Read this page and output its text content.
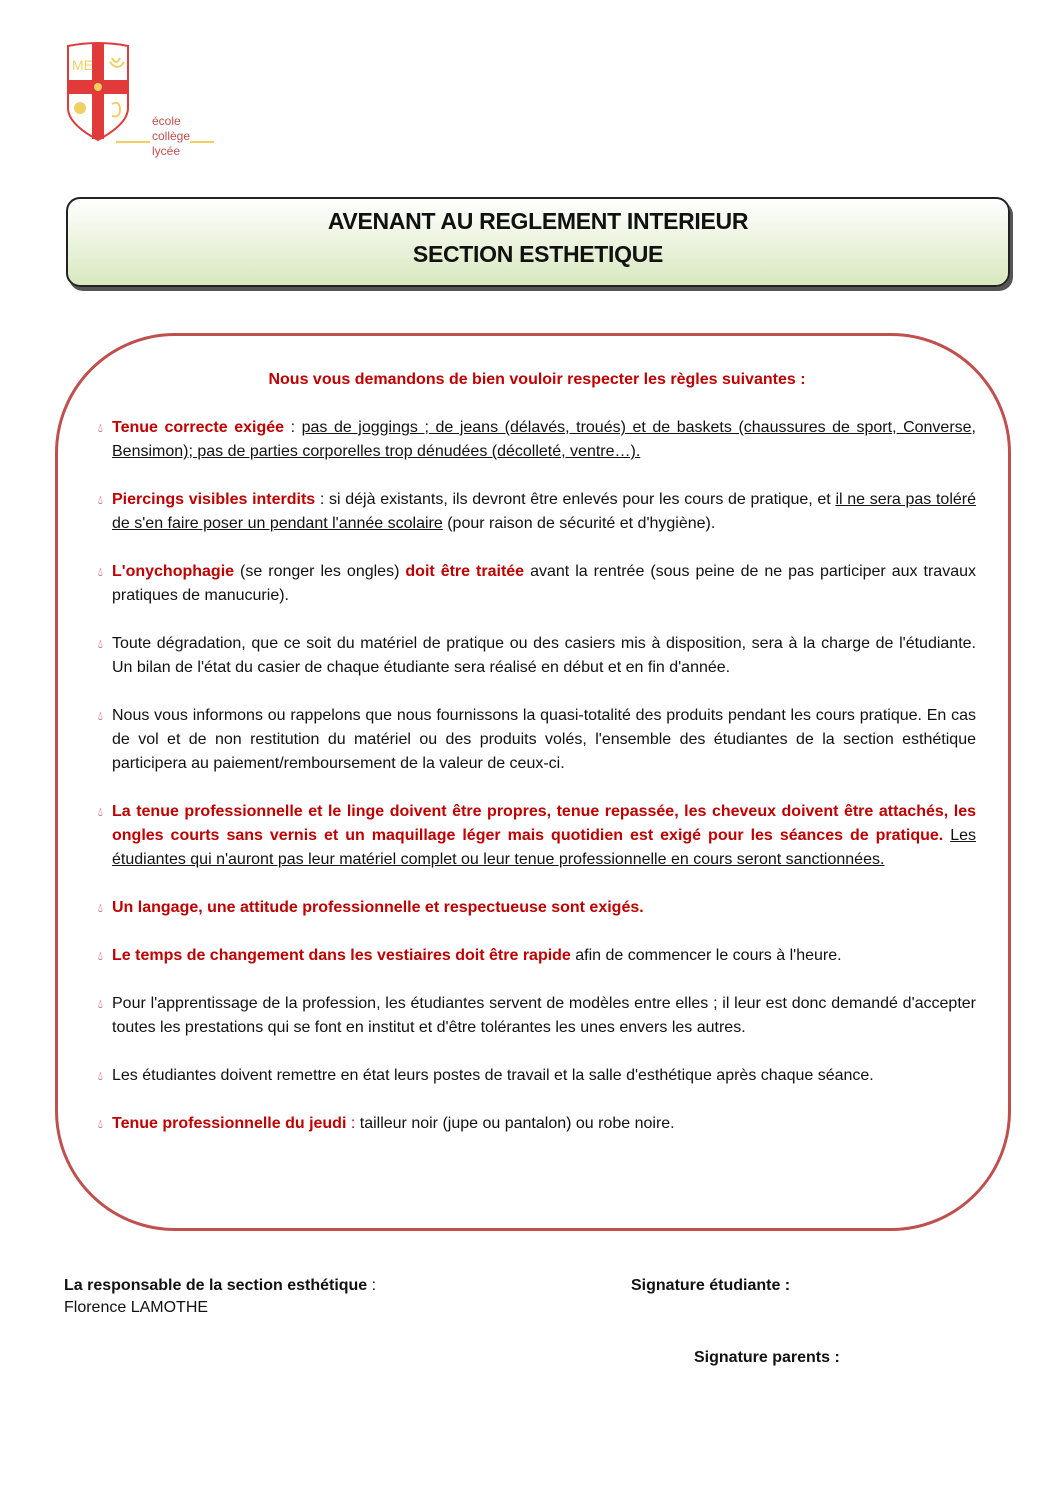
ME
école
collège
lycée
AVENANT AU REGLEMENT INTERIEUR
SECTION ESTHETIQUE
Nous vous demandons de bien vouloir respecter les règles suivantes :
💧︎ Tenue correcte exigée : pas de joggings ; de jeans (délavés, troués) et de baskets (chaussures de sport, Converse, Bensimon); pas de parties corporelles trop dénudées (décolleté, ventre…).
💧︎ Piercings visibles interdits : si déjà existants, ils devront être enlevés pour les cours de pratique, et il ne sera pas toléré de s'en faire poser un pendant l'année scolaire (pour raison de sécurité et d'hygiène).
💧︎ L'onychophagie (se ronger les ongles) doit être traitée avant la rentrée (sous peine de ne pas participer aux travaux pratiques de manucurie).
💧︎ Toute dégradation, que ce soit du matériel de pratique ou des casiers mis à disposition, sera à la charge de l'étudiante. Un bilan de l'état du casier de chaque étudiante sera réalisé en début et en fin d'année.
💧︎ Nous vous informons ou rappelons que nous fournissons la quasi-totalité des produits pendant les cours pratique. En cas de vol et de non restitution du matériel ou des produits volés, l'ensemble des étudiantes de la section esthétique participera au paiement/remboursement de la valeur de ceux-ci.
💧︎ La tenue professionnelle et le linge doivent être propres, tenue repassée, les cheveux doivent être attachés, les ongles courts sans vernis et un maquillage léger mais quotidien est exigé pour les séances de pratique. Les étudiantes qui n'auront pas leur matériel complet ou leur tenue professionnelle en cours seront sanctionnées.
💧︎ Un langage, une attitude professionnelle et respectueuse sont exigés.
💧︎ Le temps de changement dans les vestiaires doit être rapide afin de commencer le cours à l'heure.
💧︎ Pour l'apprentissage de la profession, les étudiantes servent de modèles entre elles ; il leur est donc demandé d'accepter toutes les prestations qui se font en institut et d'être tolérantes les unes envers les autres.
💧︎ Les étudiantes doivent remettre en état leurs postes de travail et la salle d'esthétique après chaque séance.
💧︎ Tenue professionnelle du jeudi : tailleur noir (jupe ou pantalon) ou robe noire.
La responsable de la section esthétique :
Florence LAMOTHE
Signature étudiante :
Signature parents :
